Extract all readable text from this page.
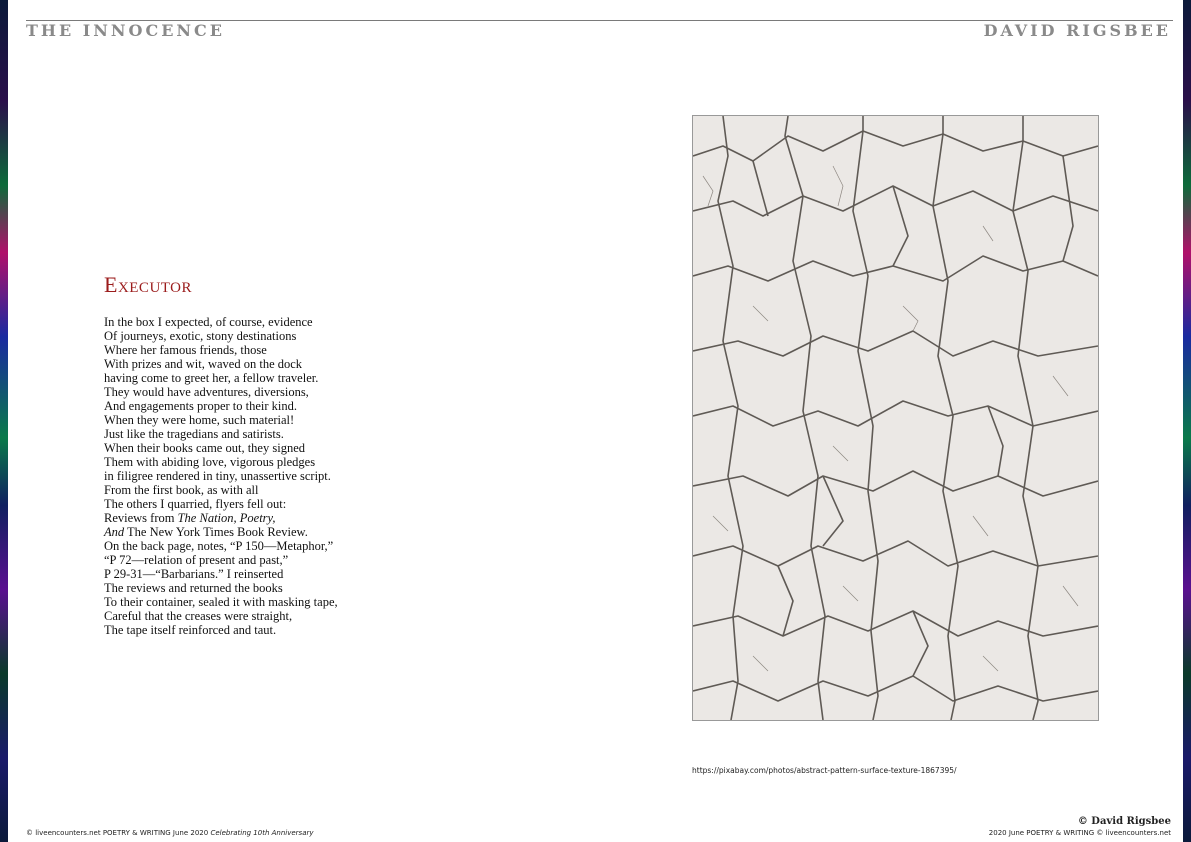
THE INNOCENCE	DAVID RIGSBEE
Executor
In the box I expected, of course, evidence
Of journeys, exotic, stony destinations
Where her famous friends, those
With prizes and wit, waved on the dock
having come to greet her, a fellow traveler.
They would have adventures, diversions,
And engagements proper to their kind.
When they were home, such material!
Just like the tragedians and satirists.
When their books came out, they signed
Them with abiding love, vigorous pledges
in filigree rendered in tiny, unassertive script.
From the first book, as with all
The others I quarried, flyers fell out:
Reviews from The Nation, Poetry,
And The New York Times Book Review.
On the back page, notes, “P 150—Metaphor,”
“P 72—relation of present and past,”
P 29-31—“Barbarians.” I reinserted
The reviews and returned the books
To their container, sealed it with masking tape,
Careful that the creases were straight,
The tape itself reinforced and taut.
https://pixabay.com/photos/abstract-pattern-surface-texture-1867395/
© liveencounters.net POETRY & WRITING June 2020 Celebrating 10th Anniversary
© David Rigsbee
2020 June POETRY & WRITING © liveencounters.net
